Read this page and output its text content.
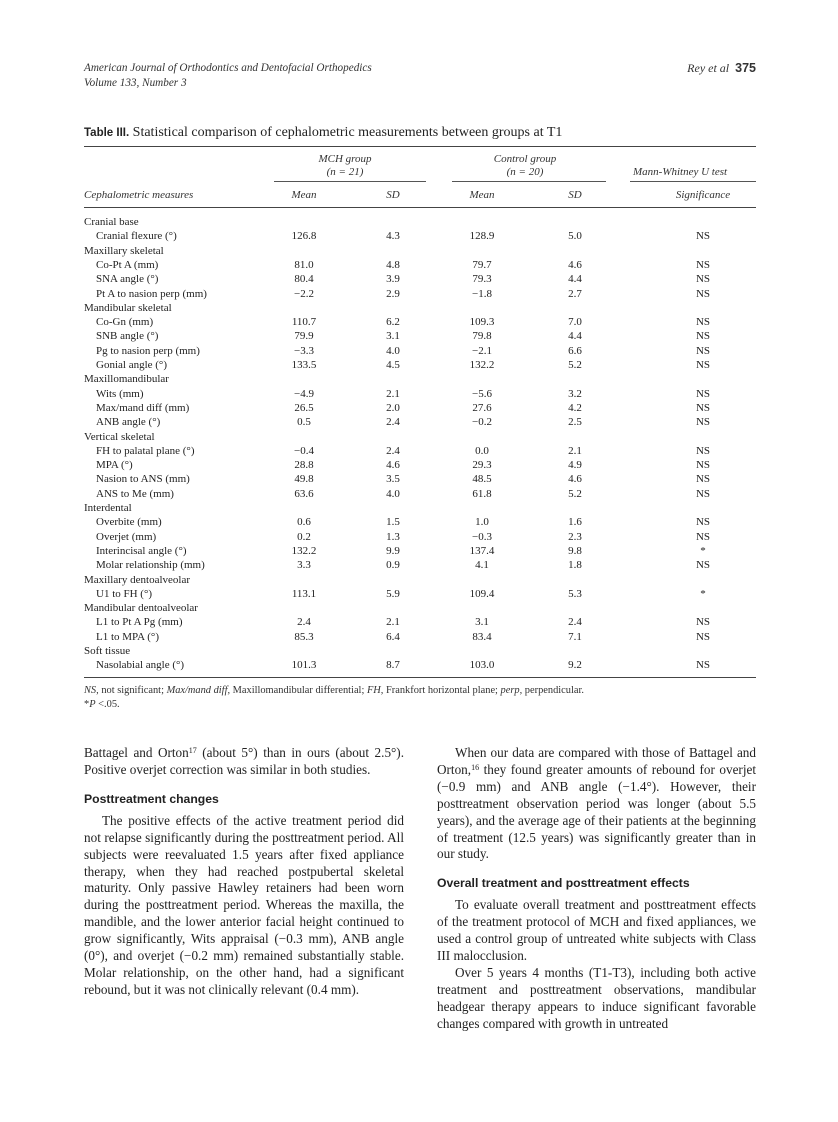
American Journal of Orthodontics and Dentofacial Orthopedics
Volume 133, Number 3
Rey et al 375
Table III. Statistical comparison of cephalometric measurements between groups at T1
MCH group
(n = 21)
Control group
(n = 20)	Mann-Whitney U test
Cephalometric measures	Mean	SD	Mean	SD	Significance
Cranial base
Cranial flexure (°)	126.8	4.3	128.9	5.0	NS
Maxillary skeletal
Co-Pt A (mm)	81.0	4.8	79.7	4.6	NS
SNA angle (°)	80.4	3.9	79.3	4.4	NS
Pt A to nasion perp (mm)	−2.2	2.9	−1.8	2.7	NS
Mandibular skeletal
Co-Gn (mm)	110.7	6.2	109.3	7.0	NS
SNB angle (°)	79.9	3.1	79.8	4.4	NS
Pg to nasion perp (mm)	−3.3	4.0	−2.1	6.6	NS
Gonial angle (°)	133.5	4.5	132.2	5.2	NS
Maxillomandibular
Wits (mm)	−4.9	2.1	−5.6	3.2	NS
Max/mand diff (mm)	26.5	2.0	27.6	4.2	NS
ANB angle (°)	0.5	2.4	−0.2	2.5	NS
Vertical skeletal
FH to palatal plane (°)	−0.4	2.4	0.0	2.1	NS
MPA (°)	28.8	4.6	29.3	4.9	NS
Nasion to ANS (mm)	49.8	3.5	48.5	4.6	NS
ANS to Me (mm)	63.6	4.0	61.8	5.2	NS
Interdental
Overbite (mm)	0.6	1.5	1.0	1.6	NS
Overjet (mm)	0.2	1.3	−0.3	2.3	NS
Interincisal angle (°)	132.2	9.9	137.4	9.8	*
Molar relationship (mm)	3.3	0.9	4.1	1.8	NS
Maxillary dentoalveolar
U1 to FH (°)	113.1	5.9	109.4	5.3	*
Mandibular dentoalveolar
L1 to Pt A Pg (mm)	2.4	2.1	3.1	2.4	NS
L1 to MPA (°)	85.3	6.4	83.4	7.1	NS
Soft tissue
Nasolabial angle (°)	101.3	8.7	103.0	9.2	NS
NS, not significant; Max/mand diff, Maxillomandibular differential; FH, Frankfort horizontal plane; perp, perpendicular.
*P <.05.

Battagel and Orton$^{17}$ (about 5°) than in ours (about 2.5°). Positive overjet correction was similar in both studies.

Posttreatment changes

The positive effects of the active treatment period did not relapse significantly during the posttreatment period. All subjects were reevaluated 1.5 years after fixed appliance therapy, when they had reached postpubertal skeletal maturity. Only passive Hawley retainers had been worn during the posttreatment period. Whereas the maxilla, the mandible, and the lower anterior facial height continued to grow significantly, Wits appraisal (−0.3 mm), ANB angle (0°), and overjet (−0.2 mm) remained substantially stable. Molar relationship, on the other hand, had a significant rebound, but it was not clinically relevant (0.4 mm).

When our data are compared with those of Battagel and Orton,$^{16}$ they found greater amounts of rebound for overjet (−0.9 mm) and ANB angle (−1.4°). However, their posttreatment observation period was longer (about 5.5 years), and the average age of their patients at the beginning of treatment (12.5 years) was significantly greater than in our study.

Overall treatment and posttreatment effects

To evaluate overall treatment and posttreatment effects of the treatment protocol of MCH and fixed appliances, we used a control group of untreated white subjects with Class III malocclusion.

Over 5 years 4 months (T1-T3), including both active treatment and posttreatment observations, mandibular headgear therapy appears to induce significant favorable changes compared with growth in untreated
